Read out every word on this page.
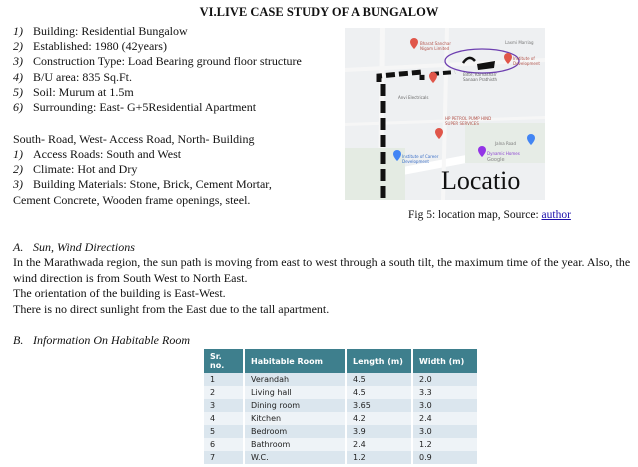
VI.LIVE CASE STUDY OF A BUNGALOW
1) Building: Residential Bungalow
2) Established: 1980 (42years)
3) Construction Type: Load Bearing ground floor structure
4) B/U area: 835 Sq.Ft.
5) Soil: Murum at 1.5m
6) Surrounding: East- G+5Residential Apartment
South- Road, West- Access Road, North- Building
1) Access Roads: South and West
2) Climate: Hot and Dry
3) Building Materials: Stone, Brick, Cement Mortar,
Cement Concrete, Wooden frame openings, steel.
Laxmi Marriag
Bharat Sanchar Nigam Limited
Institute of Development
Bitte, Karnasharr Sanaan Prathisth
Anvi Electricals
HP PETROL PUMP HIND SUPER SERVICES
Jalna Road
Institute of Career Development
Dynamic Homes
Google
Locatio
Fig 5: location map, Source: author
A. Sun, Wind Directions
In the Marathwada region, the sun path is moving from east to west through a south tilt, the maximum time of the year. Also, the wind direction is from South West to North East.
The orientation of the building is East-West.
There is no direct sunlight from the East due to the tall apartment.
B. Information On Habitable Room
Sr. no.	Habitable Room	Length (m)	Width (m)
1	Verandah	4.5	2.0
2	Living hall	4.5	3.3
3	Dining room	3.65	3.0
4	Kitchen	4.2	2.4
5	Bedroom	3.9	3.0
6	Bathroom	2.4	1.2
7	W.C.	1.2	0.9
